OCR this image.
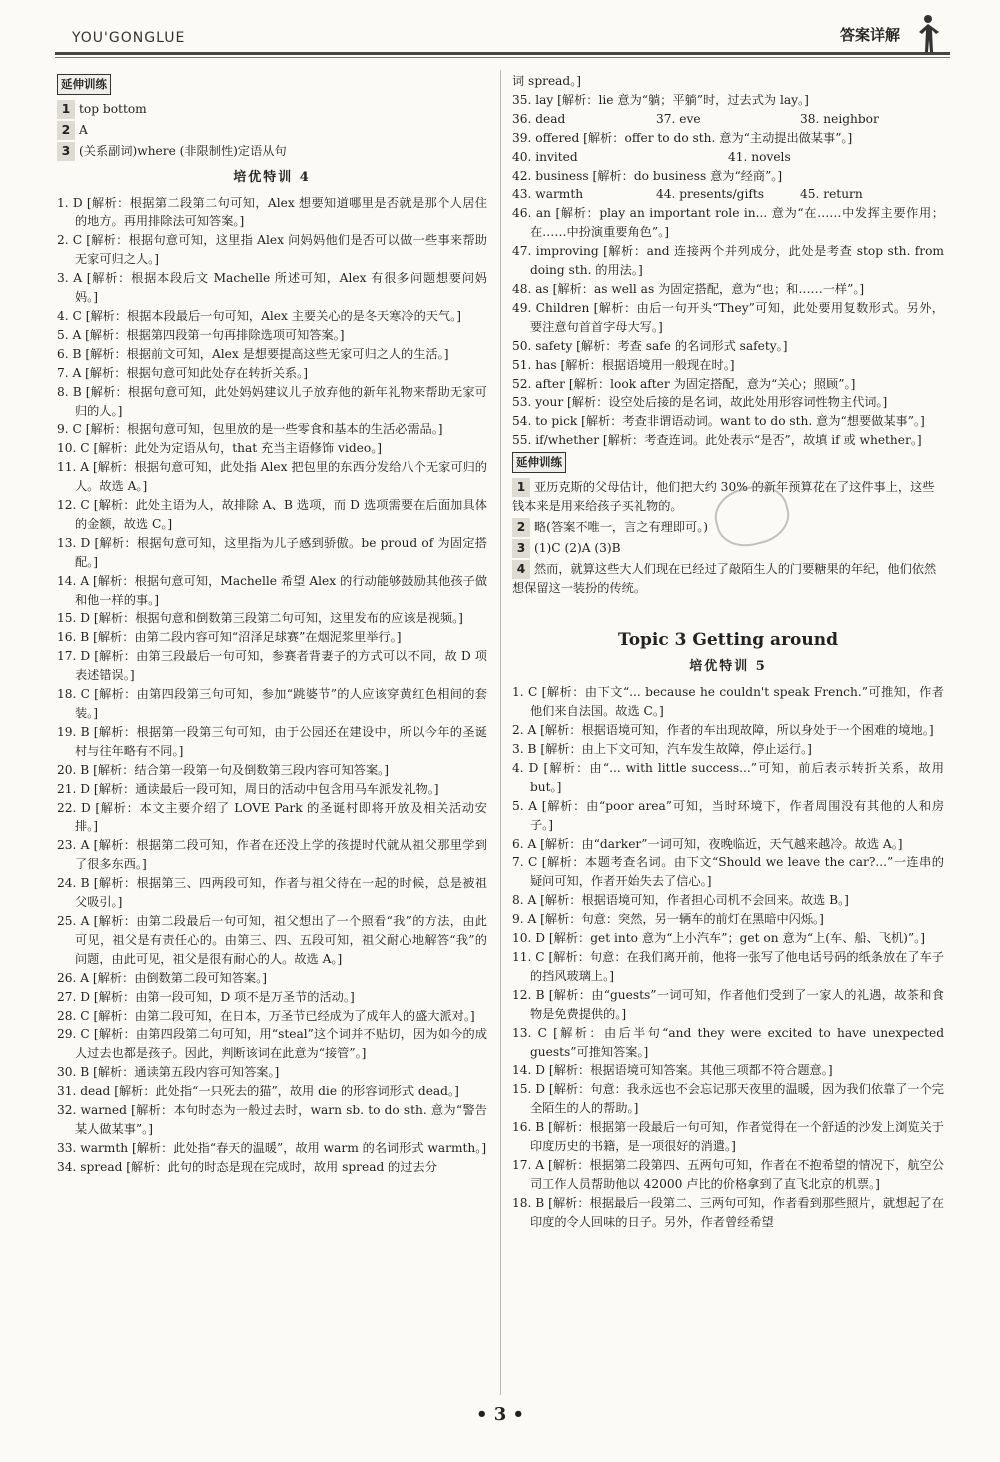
YOU'GONGLUE	答案详解
延伸训练
1 top bottom
2 A
3 (关系副词)where (非限制性)定语从句
培优特训 4
1. D [解析：根据第二段第二句可知，Alex 想要知道哪里是否就是那个人居住的地方。再用排除法可知答案。]
2. C [解析：根据句意可知，这里指 Alex 问妈妈他们是否可以做一些事来帮助无家可归之人。]
3. A [解析：根据本段后文 Machelle 所述可知，Alex 有很多问题想要问妈妈。]
4. C [解析：根据本段最后一句可知，Alex 主要关心的是冬天寒冷的天气。]
5. A [解析：根据第四段第一句再排除选项可知答案。]
6. B [解析：根据前文可知，Alex 是想要提高这些无家可归之人的生活。]
7. A [解析：根据句意可知此处存在转折关系。]
8. B [解析：根据句意可知，此处妈妈建议儿子放弃他的新年礼物来帮助无家可归的人。]
9. C [解析：根据句意可知，包里放的是一些零食和基本的生活必需品。]
10. C [解析：此处为定语从句，that 充当主语修饰 video。]
11. A [解析：根据句意可知，此处指 Alex 把包里的东西分发给八个无家可归的人。故选 A。]
12. C [解析：此处主语为人，故排除 A、B 选项，而 D 选项需要在后面加具体的金额，故选 C。]
13. D [解析：根据句意可知，这里指为儿子感到骄傲。be proud of 为固定搭配。]
14. A [解析：根据句意可知，Machelle 希望 Alex 的行动能够鼓励其他孩子做和他一样的事。]
15. D [解析：根据句意和倒数第三段第二句可知，这里发布的应该是视频。]
16. B [解析：由第二段内容可知“沼泽足球赛”在烟泥浆里举行。]
17. D [解析：由第三段最后一句可知，参赛者背妻子的方式可以不同，故 D 项表述错误。]
18. C [解析：由第四段第三句可知，参加“跳婆节”的人应该穿黄红色相间的套装。]
19. B [解析：根据第一段第三句可知，由于公园还在建设中，所以今年的圣诞村与往年略有不同。]
20. B [解析：结合第一段第一句及倒数第三段内容可知答案。]
21. D [解析：通读最后一段可知，周日的活动中包含用马车派发礼物。]
22. D [解析：本文主要介绍了 LOVE Park 的圣诞村即将开放及相关活动安排。]
23. A [解析：根据第二段可知，作者在还没上学的孩提时代就从祖父那里学到了很多东西。]
24. B [解析：根据第三、四两段可知，作者与祖父待在一起的时候，总是被祖父吸引。]
25. A [解析：由第二段最后一句可知，祖父想出了一个照看“我”的方法，由此可见，祖父是有责任心的。由第三、四、五段可知，祖父耐心地解答“我”的问题，由此可见，祖父是很有耐心的人。故选 A。]
26. A [解析：由倒数第二段可知答案。]
27. D [解析：由第一段可知，D 项不是万圣节的活动。]
28. C [解析：由第二段可知，在日本，万圣节已经成为了成年人的盛大派对。]
29. C [解析：由第四段第二句可知，用“steal”这个词并不贴切，因为如今的成人过去也都是孩子。因此，判断该词在此意为“接管”。]
30. B [解析：通读第五段内容可知答案。]
31. dead [解析：此处指“一只死去的猫”，故用 die 的形容词形式 dead。]
32. warned [解析：本句时态为一般过去时，warn sb. to do sth. 意为“警告某人做某事”。]
33. warmth [解析：此处指“春天的温暖”，故用 warm 的名词形式 warmth。]
34. spread [解析：此句的时态是现在完成时，故用 spread 的过去分
词 spread。]
35. lay [解析：lie 意为“躺；平躺”时，过去式为 lay。]
36. dead	37. eve	38. neighbor
39. offered [解析：offer to do sth. 意为“主动提出做某事”。]
40. invited	41. novels
42. business [解析：do business 意为“经商”。]
43. warmth	44. presents/gifts	45. return
46. an [解析：play an important role in... 意为“在……中发挥主要作用；在……中扮演重要角色”。]
47. improving [解析：and 连接两个并列成分，此处是考查 stop sth. from doing sth. 的用法。]
48. as [解析：as well as 为固定搭配，意为“也；和……一样”。]
49. Children [解析：由后一句开头“They”可知，此处要用复数形式。另外，要注意句首首字母大写。]
50. safety [解析：考查 safe 的名词形式 safety。]
51. has [解析：根据语境用一般现在时。]
52. after [解析：look after 为固定搭配，意为“关心；照顾”。]
53. your [解析：设空处后接的是名词，故此处用形容词性物主代词。]
54. to pick [解析：考查非谓语动词。want to do sth. 意为“想要做某事”。]
55. if/whether [解析：考查连词。此处表示“是否”，故填 if 或 whether。]
延伸训练
1 亚历克斯的父母估计，他们把大约 30% 的新年预算花在了这件事上，这些钱本来是用来给孩子买礼物的。
2 略(答案不唯一，言之有理即可。)
3 (1)C (2)A (3)B
4 然而，就算这些大人们现在已经过了敲陌生人的门要糖果的年纪，他们依然想保留这一装扮的传统。
Topic 3 Getting around
培优特训 5
1. C [解析：由下文“... because he couldn't speak French.”可推知，作者他们来自法国。故选 C。]
2. A [解析：根据语境可知，作者的车出现故障，所以身处于一个困难的境地。]
3. B [解析：由上下文可知，汽车发生故障，停止运行。]
4. D [解析：由“... with little success...”可知，前后表示转折关系，故用 but。]
5. A [解析：由“poor area”可知，当时环境下，作者周围没有其他的人和房子。]
6. A [解析：由“darker”一词可知，夜晚临近，天气越来越冷。故选 A。]
7. C [解析：本题考查名词。由下文“Should we leave the car?...”一连串的疑问可知，作者开始失去了信心。]
8. A [解析：根据语境可知，作者担心司机不会回来。故选 B。]
9. A [解析：句意：突然，另一辆车的前灯在黑暗中闪烁。]
10. D [解析：get into 意为“上小汽车”；get on 意为“上(车、船、飞机)”。]
11. C [解析：句意：在我们离开前，他将一张写了他电话号码的纸条放在了车子的挡风玻璃上。]
12. B [解析：由“guests”一词可知，作者他们受到了一家人的礼遇，故茶和食物是免费提供的。]
13. C [解析：由后半句“and they were excited to have unexpected guests”可推知答案。]
14. D [解析：根据语境可知答案。其他三项都不符合题意。]
15. D [解析：句意：我永远也不会忘记那天夜里的温暖，因为我们依靠了一个完全陌生的人的帮助。]
16. B [解析：根据第一段最后一句可知，作者觉得在一个舒适的沙发上浏览关于印度历史的书籍，是一项很好的消遣。]
17. A [解析：根据第二段第四、五两句可知，作者在不抱希望的情况下，航空公司工作人员帮助他以 42000 卢比的价格拿到了直飞北京的机票。]
18. B [解析：根据最后一段第二、三两句可知，作者看到那些照片，就想起了在印度的令人回味的日子。另外，作者曾经希望
• 3 •
